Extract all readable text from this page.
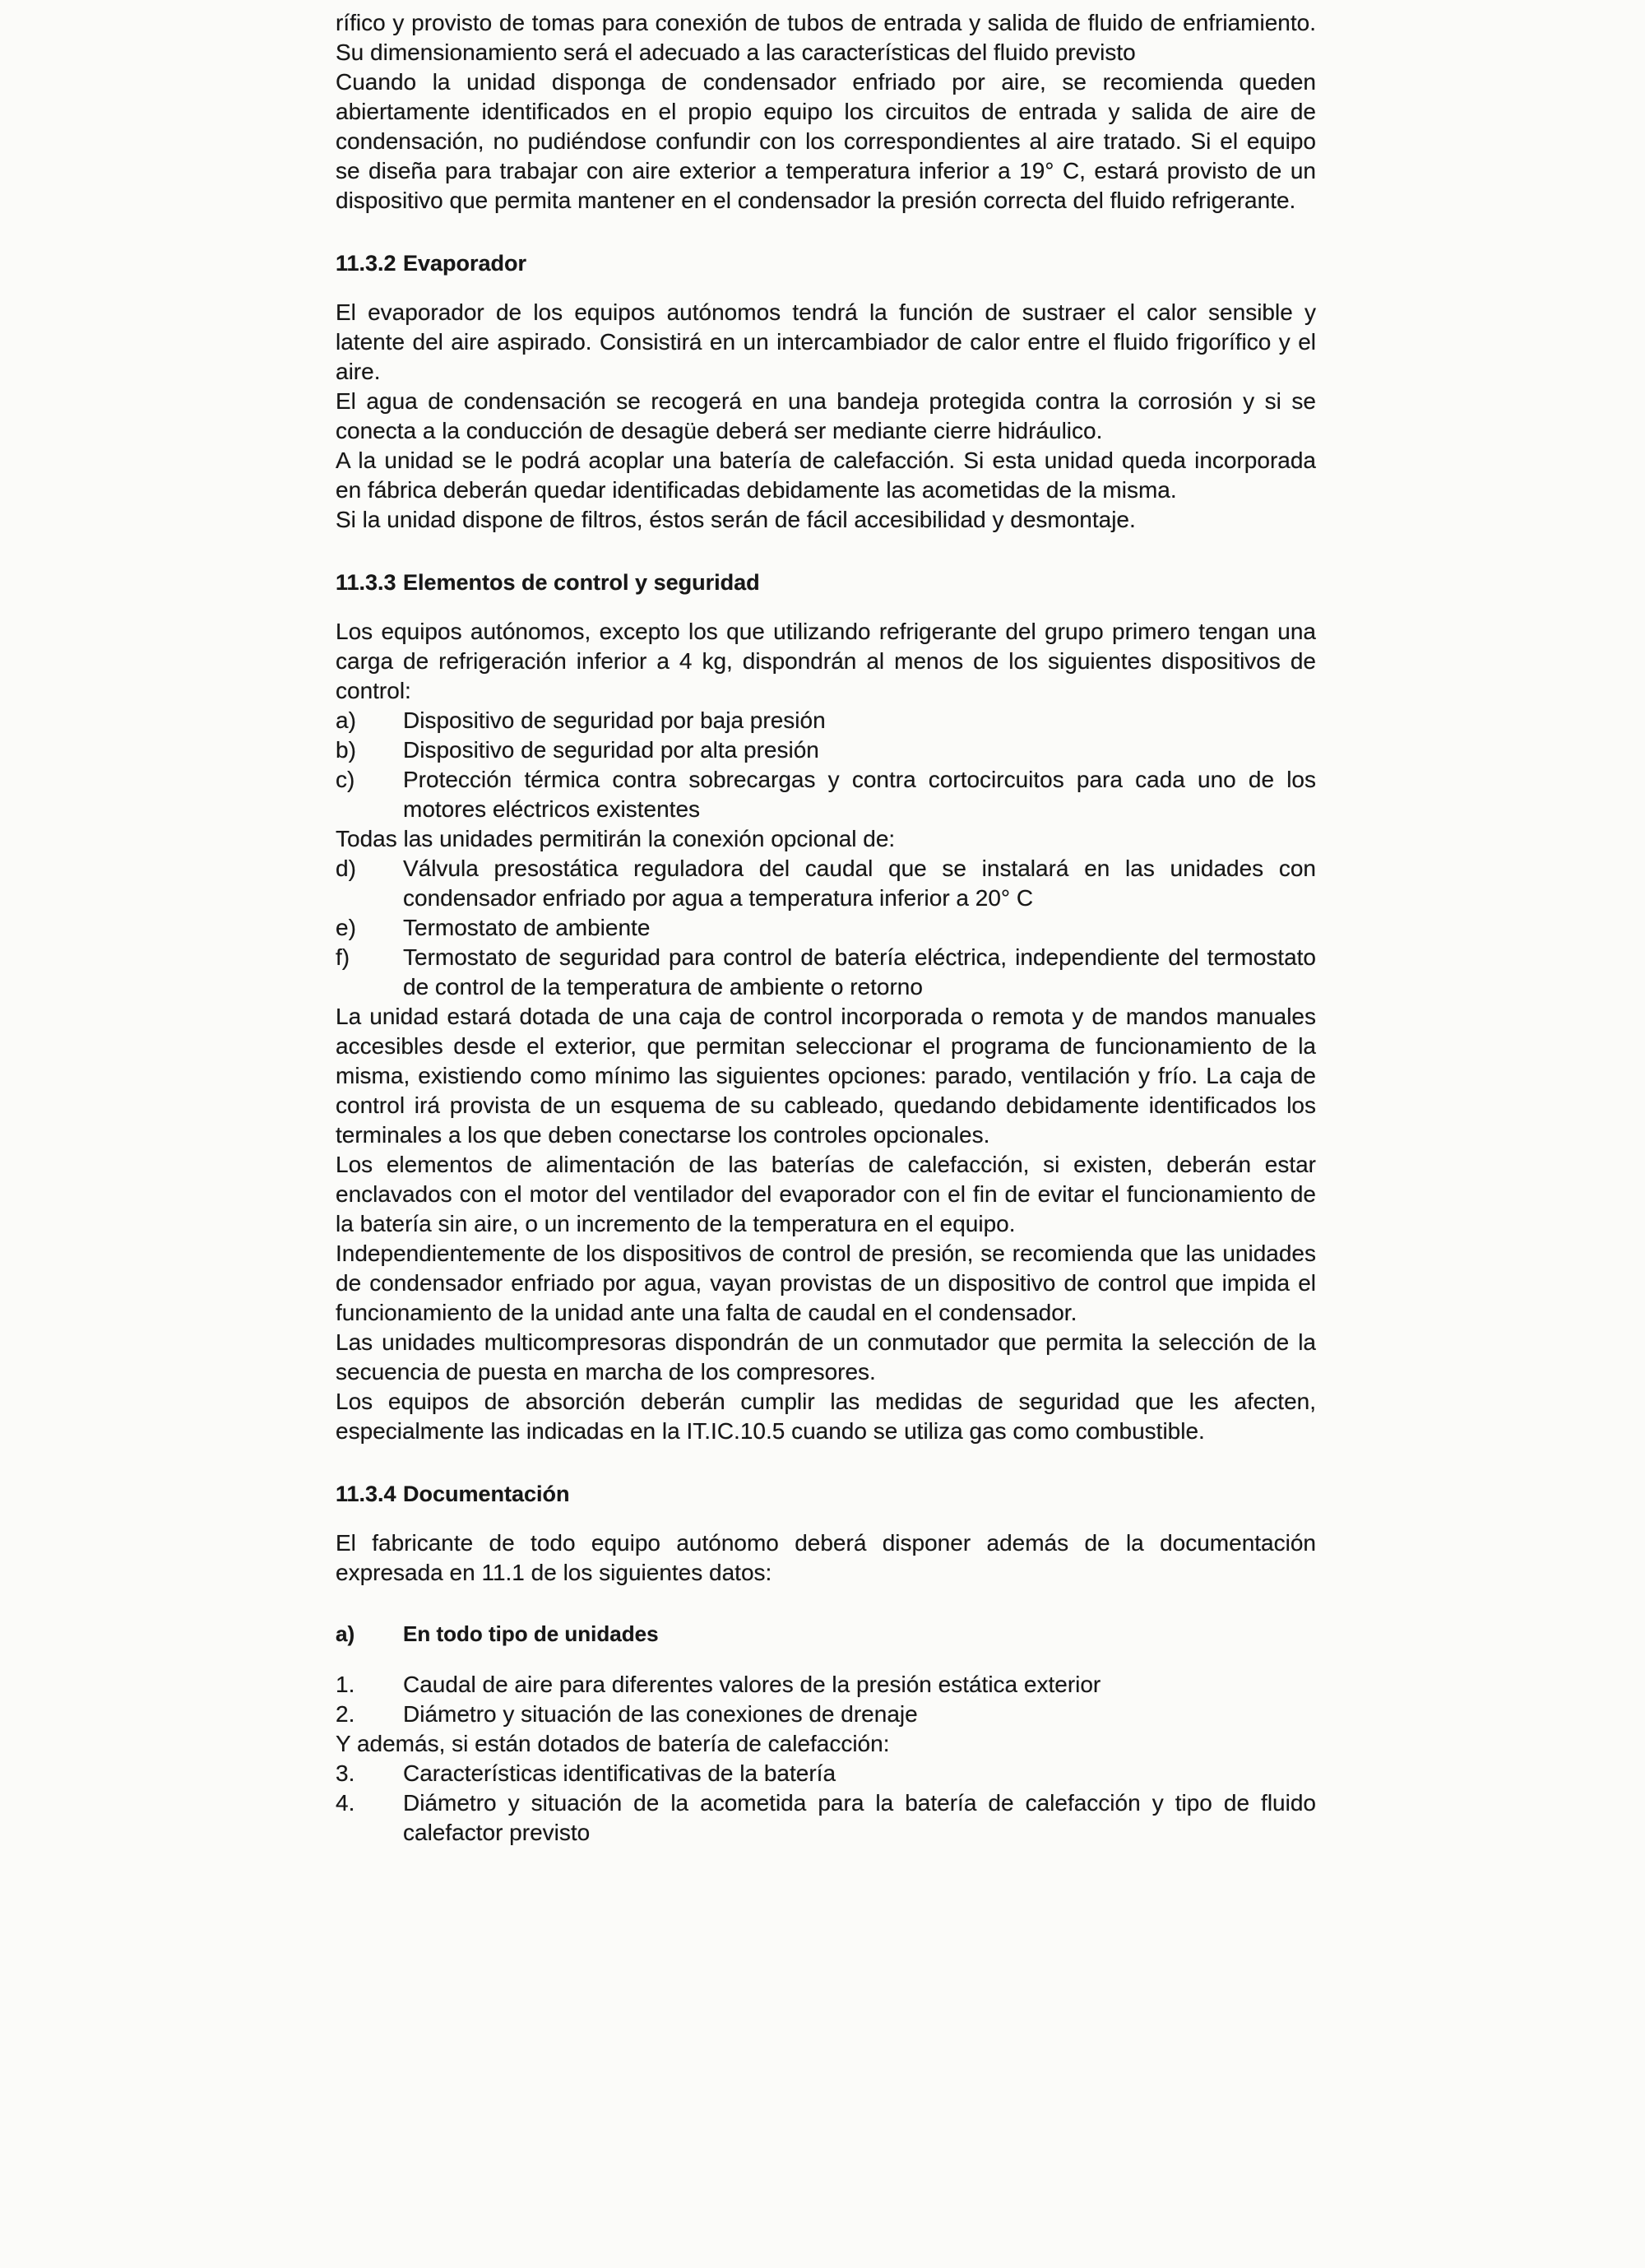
rífico y provisto de tomas para conexión de tubos de entrada y salida de fluido de enfriamiento. Su dimensionamiento será el adecuado a las características del fluido previsto

Cuando la unidad disponga de condensador enfriado por aire, se recomienda queden abiertamente identificados en el propio equipo los circuitos de entrada y salida de aire de condensación, no pudiéndose confundir con los correspondientes al aire tratado. Si el equipo se diseña para trabajar con aire exterior a temperatura inferior a 19° C, estará provisto de un dispositivo que permita mantener en el condensador la presión correcta del fluido refrigerante.

11.3.2 Evaporador

El evaporador de los equipos autónomos tendrá la función de sustraer el calor sensible y latente del aire aspirado. Consistirá en un intercambiador de calor entre el fluido frigorífico y el aire.

El agua de condensación se recogerá en una bandeja protegida contra la corrosión y si se conecta a la conducción de desagüe deberá ser mediante cierre hidráulico.

A la unidad se le podrá acoplar una batería de calefacción. Si esta unidad queda incorporada en fábrica deberán quedar identificadas debidamente las acometidas de la misma.

Si la unidad dispone de filtros, éstos serán de fácil accesibilidad y desmontaje.

11.3.3 Elementos de control y seguridad

Los equipos autónomos, excepto los que utilizando refrigerante del grupo primero tengan una carga de refrigeración inferior a 4 kg, dispondrán al menos de los siguientes dispositivos de control:

a)	Dispositivo de seguridad por baja presión
b)	Dispositivo de seguridad por alta presión
c)	Protección térmica contra sobrecargas y contra cortocircuitos para cada uno de los motores eléctricos existentes

Todas las unidades permitirán la conexión opcional de:

d)	Válvula presostática reguladora del caudal que se instalará en las unidades con condensador enfriado por agua a temperatura inferior a 20° C
e)	Termostato de ambiente
f)	Termostato de seguridad para control de batería eléctrica, independiente del termostato de control de la temperatura de ambiente o retorno

La unidad estará dotada de una caja de control incorporada o remota y de mandos manuales accesibles desde el exterior, que permitan seleccionar el programa de funcionamiento de la misma, existiendo como mínimo las siguientes opciones: parado, ventilación y frío. La caja de control irá provista de un esquema de su cableado, quedando debidamente identificados los terminales a los que deben conectarse los controles opcionales.

Los elementos de alimentación de las baterías de calefacción, si existen, deberán estar enclavados con el motor del ventilador del evaporador con el fin de evitar el funcionamiento de la batería sin aire, o un incremento de la temperatura en el equipo.

Independientemente de los dispositivos de control de presión, se recomienda que las unidades de condensador enfriado por agua, vayan provistas de un dispositivo de control que impida el funcionamiento de la unidad ante una falta de caudal en el condensador.

Las unidades multicompresoras dispondrán de un conmutador que permita la selección de la secuencia de puesta en marcha de los compresores.

Los equipos de absorción deberán cumplir las medidas de seguridad que les afecten, especialmente las indicadas en la IT.IC.10.5 cuando se utiliza gas como combustible.

11.3.4 Documentación

El fabricante de todo equipo autónomo deberá disponer además de la documentación expresada en 11.1 de los siguientes datos:

a)	En todo tipo de unidades
1.	Caudal de aire para diferentes valores de la presión estática exterior
2.	Diámetro y situación de las conexiones de drenaje

Y además, si están dotados de batería de calefacción:

3.	Características identificativas de la batería
4.	Diámetro y situación de la acometida para la batería de calefacción y tipo de fluido calefactor previsto
